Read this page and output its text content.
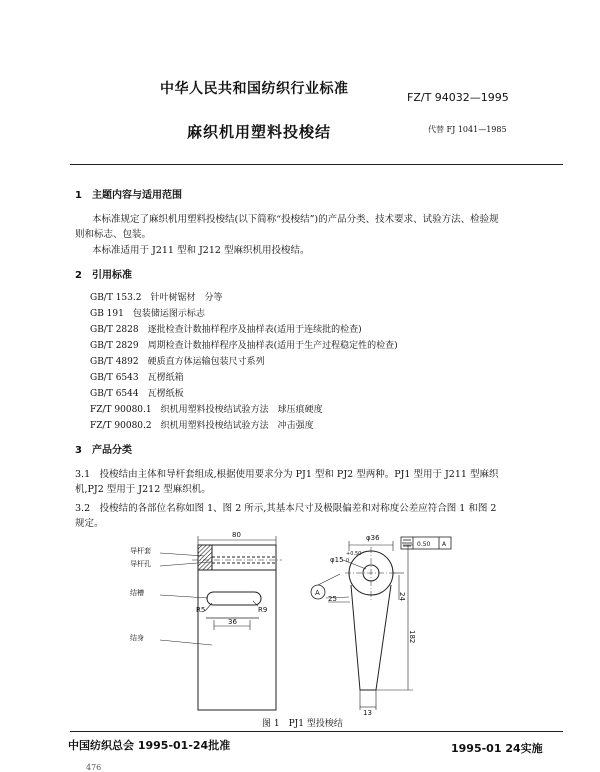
中华人民共和国纺织行业标准
FZ/T 94032—1995
麻织机用塑料投梭结	代替 FJ 1041—1985
1　主题内容与适用范围
本标准规定了麻织机用塑料投梭结(以下简称“投梭结”)的产品分类、技术要求、试验方法、检验规
则和标志、包装。
本标准适用于 J211 型和 J212 型麻织机用投梭结。
2　引用标准
GB/T 153.2　针叶树锯材　分等
GB 191　包装储运图示标志
GB/T 2828　逐批检查计数抽样程序及抽样表(适用于连续批的检查)
GB/T 2829　周期检查计数抽样程序及抽样表(适用于生产过程稳定性的检查)
GB/T 4892　硬质直方体运输包装尺寸系列
GB/T 6543　瓦楞纸箱
GB/T 6544　瓦楞纸板
FZ/T 90080.1　织机用塑料投梭结试验方法　球压痕硬度
FZ/T 90080.2　织机用塑料投梭结试验方法　冲击强度
3　产品分类
3.1　投梭结由主体和导杆套组成,根据使用要求分为 PJ1 型和 PJ2 型两种。PJ1 型用于 J211 型麻织
机,PJ2 型用于 J212 型麻织机。
3.2　投梭结的各部位名称如图 1、图 2 所示,其基本尺寸及极限偏差和对称度公差应符合图 1 和图 2
规定。
导杆套
导杆孔
结槽
结身
80
R5	R9
36
φ36
φ15
+0.50
0
0.50 A
A
25	24
182
13
图 1　PJ1 型投梭结
中国纺织总会 1995-01-24批准	1995-01 24实施
476
